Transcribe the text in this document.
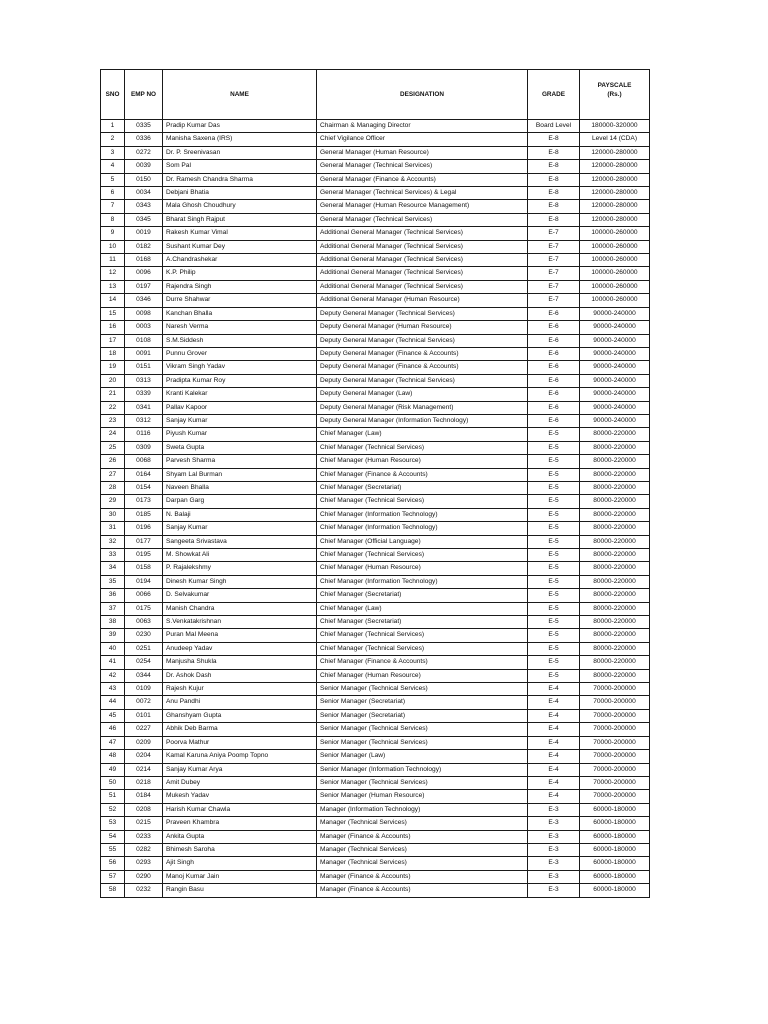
SNO	EMP NO	NAME	DESIGNATION	GRADE	PAYSCALE
(Rs.)

1	0335	Pradip Kumar Das	Chairman & Managing Director	Board Level	180000-320000
2	0336	Manisha Saxena (IRS)	Chief Vigilance Officer	E-8	Level 14 (CDA)
3	0272	Dr. P. Sreenivasan	General Manager (Human Resource)	E-8	120000-280000
4	0039	Som Pal	General Manager (Technical Services)	E-8	120000-280000
5	0150	Dr. Ramesh Chandra Sharma	General Manager (Finance & Accounts)	E-8	120000-280000
6	0034	Debjani Bhatia	General Manager (Technical Services) & Legal	E-8	120000-280000
7	0343	Mala Ghosh Choudhury	General Manager (Human Resource Management)	E-8	120000-280000
8	0345	Bharat Singh Rajput	General Manager (Technical Services)	E-8	120000-280000
9	0019	Rakesh Kumar Vimal	Additional General Manager (Technical Services)	E-7	100000-260000
10	0182	Sushant Kumar Dey	Additional General Manager (Technical Services)	E-7	100000-260000
11	0168	A.Chandrashekar	Additional General Manager (Technical Services)	E-7	100000-260000
12	0096	K.P. Philip	Additional General Manager (Technical Services)	E-7	100000-260000
13	0197	Rajendra Singh	Additional General Manager (Technical Services)	E-7	100000-260000
14	0346	Durre Shahwar	Additional General Manager (Human Resource)	E-7	100000-260000
15	0098	Kanchan Bhalla	Deputy General Manager (Technical Services)	E-6	90000-240000
16	0003	Naresh Verma	Deputy General Manager (Human Resource)	E-6	90000-240000
17	0108	S.M.Siddesh	Deputy General Manager (Technical Services)	E-6	90000-240000
18	0091	Punnu Grover	Deputy General Manager (Finance & Accounts)	E-6	90000-240000
19	0151	Vikram Singh Yadav	Deputy General Manager (Finance & Accounts)	E-6	90000-240000
20	0313	Pradipta Kumar Roy	Deputy General Manager (Technical Services)	E-6	90000-240000
21	0339	Kranti Kalekar	Deputy General Manager (Law)	E-6	90000-240000
22	0341	Pallav Kapoor	Deputy General Manager (Risk Management)	E-6	90000-240000
23	0312	Sanjay Kumar	Deputy General Manager (Information Technology)	E-6	90000-240000
24	0116	Piyush Kumar	Chief Manager (Law)	E-5	80000-220000
25	0309	Sweta Gupta	Chief Manager (Technical Services)	E-5	80000-220000
26	0068	Parvesh Sharma	Chief Manager (Human Resource)	E-5	80000-220000
27	0164	Shyam Lal Burman	Chief Manager (Finance & Accounts)	E-5	80000-220000
28	0154	Naveen Bhalla	Chief Manager (Secretariat)	E-5	80000-220000
29	0173	Darpan Garg	Chief Manager (Technical Services)	E-5	80000-220000
30	0185	N. Balaji	Chief Manager (Information Technology)	E-5	80000-220000
31	0196	Sanjay Kumar	Chief Manager (Information Technology)	E-5	80000-220000
32	0177	Sangeeta Srivastava	Chief Manager (Official Language)	E-5	80000-220000
33	0195	M. Showkat Ali	Chief Manager (Technical Services)	E-5	80000-220000
34	0158	P. Rajalekshmy	Chief Manager (Human Resource)	E-5	80000-220000
35	0194	Dinesh Kumar Singh	Chief Manager (Information Technology)	E-5	80000-220000
36	0066	D. Selvakumar	Chief Manager (Secretariat)	E-5	80000-220000
37	0175	Manish Chandra	Chief Manager (Law)	E-5	80000-220000
38	0063	S.Venkatakrishnan	Chief Manager (Secretariat)	E-5	80000-220000
39	0230	Puran Mal Meena	Chief Manager (Technical Services)	E-5	80000-220000
40	0251	Anudeep Yadav	Chief Manager (Technical Services)	E-5	80000-220000
41	0254	Manjusha Shukla	Chief Manager (Finance & Accounts)	E-5	80000-220000
42	0344	Dr. Ashok Dash	Chief Manager (Human Resource)	E-5	80000-220000
43	0109	Rajesh Kujur	Senior Manager (Technical Services)	E-4	70000-200000
44	0072	Anu Pandhi	Senior Manager (Secretariat)	E-4	70000-200000
45	0101	Ghanshyam Gupta	Senior Manager (Secretariat)	E-4	70000-200000
46	0227	Abhik Deb Barma	Senior Manager (Technical Services)	E-4	70000-200000
47	0209	Poorva Mathur	Senior Manager (Technical Services)	E-4	70000-200000
48	0204	Kamal Karuna Aniya Poomp Topno	Senior Manager (Law)	E-4	70000-200000
49	0214	Sanjay Kumar Arya	Senior Manager (Information Technology)	E-4	70000-200000
50	0218	Amit Dubey	Senior Manager (Technical Services)	E-4	70000-200000
51	0184	Mukesh Yadav	Senior Manager (Human Resource)	E-4	70000-200000
52	0208	Harish Kumar Chawla	Manager (Information Technology)	E-3	60000-180000
53	0215	Praveen Khambra	Manager (Technical Services)	E-3	60000-180000
54	0233	Ankita Gupta	Manager (Finance & Accounts)	E-3	60000-180000
55	0282	Bhimesh Saroha	Manager (Technical Services)	E-3	60000-180000
56	0293	Ajit Singh	Manager (Technical Services)	E-3	60000-180000
57	0290	Manoj Kumar Jain	Manager (Finance & Accounts)	E-3	60000-180000
58	0232	Rangin Basu	Manager (Finance & Accounts)	E-3	60000-180000
